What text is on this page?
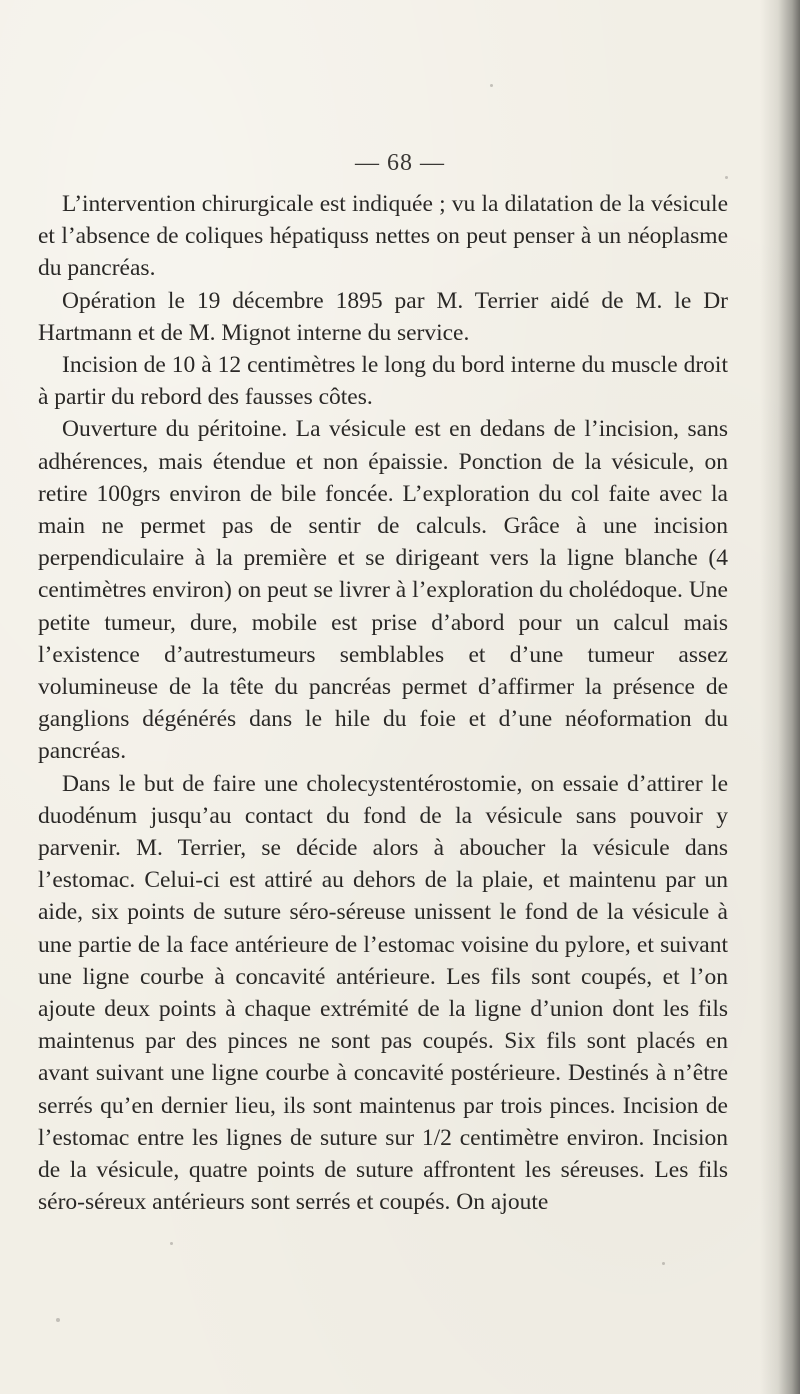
— 68 —

L’intervention chirurgicale est indiquée ; vu la dilatation de la vésicule et l’absence de coliques hépatiquss nettes on peut penser à un néoplasme du pancréas.

Opération le 19 décembre 1895 par M. Terrier aidé de M. le Dr Hartmann et de M. Mignot interne du service.

Incision de 10 à 12 centimètres le long du bord interne du muscle droit à partir du rebord des fausses côtes.

Ouverture du péritoine. La vésicule est en dedans de l’incision, sans adhérences, mais étendue et non épaissie. Ponction de la vésicule, on retire 100grs environ de bile foncée. L’exploration du col faite avec la main ne permet pas de sentir de calculs. Grâce à une incision perpendiculaire à la première et se dirigeant vers la ligne blanche (4 centimètres environ) on peut se livrer à l’exploration du cholédoque. Une petite tumeur, dure, mobile est prise d’abord pour un calcul mais l’existence d’autrestumeurs semblables et d’une tumeur assez volumineuse de la tête du pancréas permet d’affirmer la présence de ganglions dégénérés dans le hile du foie et d’une néoformation du pancréas.

Dans le but de faire une cholecystentérostomie, on essaie d’attirer le duodénum jusqu’au contact du fond de la vésicule sans pouvoir y parvenir. M. Terrier, se décide alors à aboucher la vésicule dans l’estomac. Celui-ci est attiré au dehors de la plaie, et maintenu par un aide, six points de suture séro-séreuse unissent le fond de la vésicule à une partie de la face antérieure de l’estomac voisine du pylore, et suivant une ligne courbe à concavité antérieure. Les fils sont coupés, et l’on ajoute deux points à chaque extrémité de la ligne d’union dont les fils maintenus par des pinces ne sont pas coupés. Six fils sont placés en avant suivant une ligne courbe à concavité postérieure. Destinés à n’être serrés qu’en dernier lieu, ils sont maintenus par trois pinces. Incision de l’estomac entre les lignes de suture sur 1/2 centimètre environ. Incision de la vésicule, quatre points de suture affrontent les séreuses. Les fils séro-séreux antérieurs sont serrés et coupés. On ajoute
